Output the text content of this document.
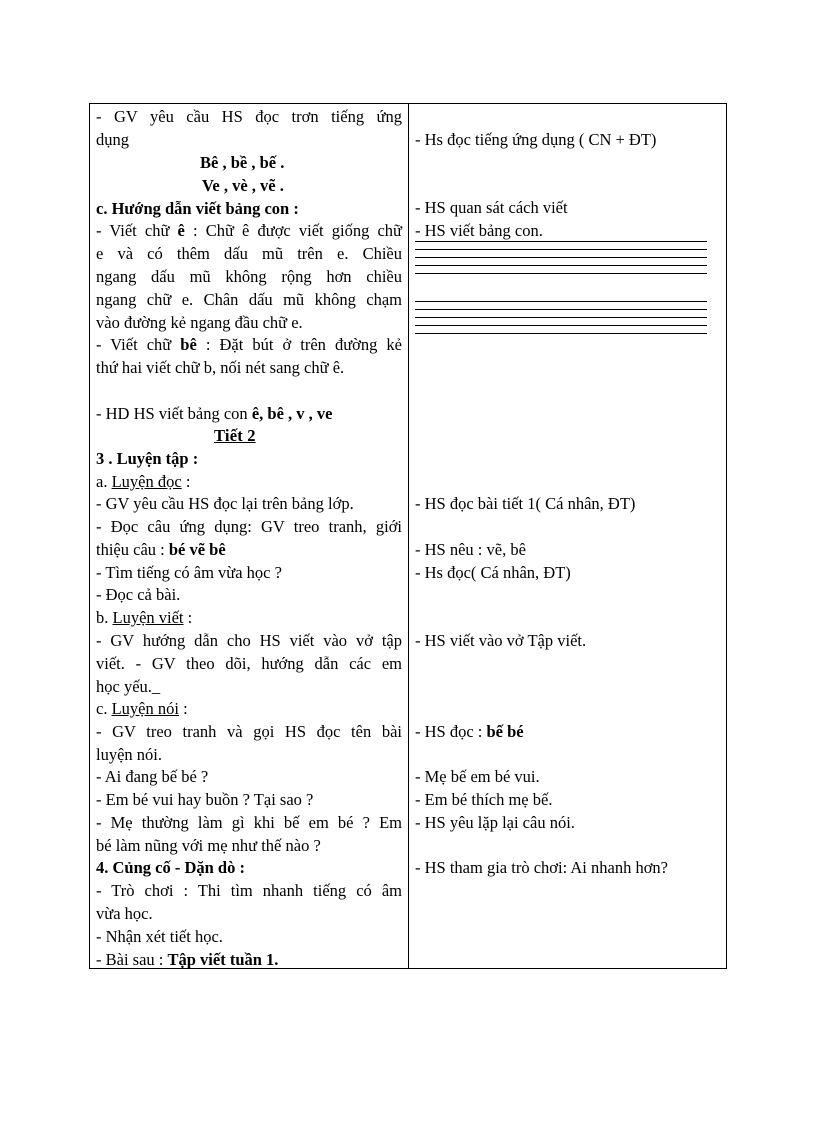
- GV yêu cầu HS đọc trơn tiếng ứng
dụng
Bê , bề , bế .
Ve , vè , vẽ .
c. Hướng dẫn viết bảng con :
- Viết chữ ê : Chữ ê được viết giống chữ
e và có thêm dấu mũ trên e. Chiều
ngang dấu mũ không rộng hơn chiều
ngang chữ e. Chân dấu mũ không chạm
vào đường kẻ ngang đầu chữ e.
- Viết chữ bê : Đặt bút ở trên đường kẻ
thứ hai viết chữ b, nối nét sang chữ ê.
- HD HS viết bảng con ê, bê , v , ve
Tiết 2
3 . Luyện tập :
a. Luyện đọc :
- GV yêu cầu HS đọc lại trên bảng lớp.
- Đọc câu ứng dụng: GV treo tranh, giới
thiệu câu : bé vẽ bê
- Tìm tiếng có âm vừa học ?
- Đọc cả bài.
b. Luyện viết :
- GV hướng dẫn cho HS viết vào vở tập
viết. - GV theo dõi, hướng dẫn các em
học yếu._
c. Luyện nói :
- GV treo tranh và gọi HS đọc tên bài
luyện nói.
- Ai đang bế bé ?
- Em bé vui hay buồn ? Tại sao ?
- Mẹ thường làm gì khi bế em bé ? Em
bé làm nũng với mẹ như thế nào ?
4. Củng cố - Dặn dò :
- Trò chơi : Thi tìm nhanh tiếng có âm
vừa học.
- Nhận xét tiết học.
- Bài sau : Tập viết tuần 1.
- Hs đọc tiếng ứng dụng ( CN + ĐT)
- HS quan sát cách viết
- HS viết bảng con.
- HS đọc bài tiết 1( Cá nhân, ĐT)
- HS nêu : vẽ, bê
- Hs đọc( Cá nhân, ĐT)
- HS viết vào vở Tập viết.
- HS đọc : bế bé
- Mẹ bế em bé vui.
- Em bé thích mẹ bế.
- HS yêu lặp lại câu nói.
- HS tham gia trò chơi: Ai nhanh hơn?
